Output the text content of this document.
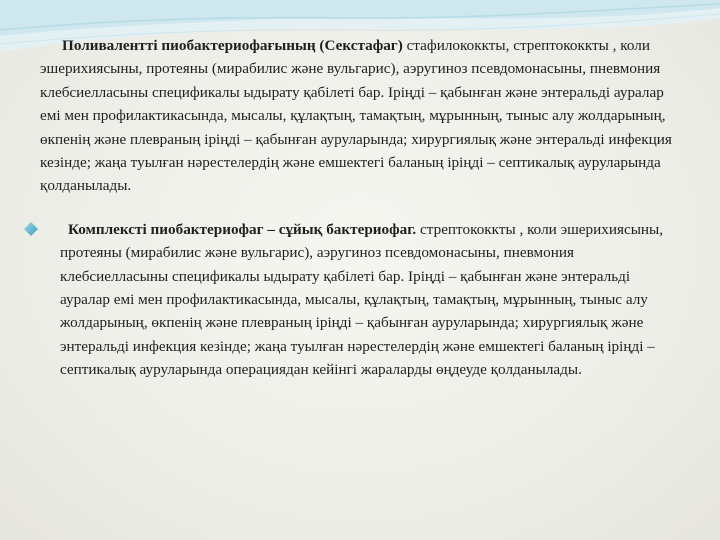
Поливалентті пиобактериофағының (Секстафаг) стафилококкты, стрептококкты , коли эшерихиясыны, протеяны (мирабилис және вульгарис), аэругиноз псевдомонасыны, пневмония клебсиелласыны спецификалы ыдырату қабілеті бар. Іріңді – қабынған және энтеральді ауралар емі мен профилактикасында, мысалы, құлақтың, тамақтың, мұрынның, тыныс алу жолдарының, өкпенің және плевраның іріңді – қабынған ауруларында; хирургиялық және энтеральді инфекция кезінде; жаңа туылған нәрестелердің және емшектегі баланың іріңді – септикалық ауруларында қолданылады.

Комплексті пиобактериофаг – сұйық бактериофаг. стрептококкты , коли эшерихиясыны, протеяны (мирабилис және вульгарис), аэругиноз псевдомонасыны, пневмония клебсиелласыны спецификалы ыдырату қабілеті бар. Іріңді – қабынған және энтеральді ауралар емі мен профилактикасында, мысалы, құлақтың, тамақтың, мұрынның, тыныс алу жолдарының, өкпенің және плевраның іріңді – қабынған ауруларында; хирургиялық және энтеральді инфекция кезінде; жаңа туылған нәрестелердің және емшектегі баланың іріңді – септикалық ауруларында операциядан кейінгі жараларды өңдеуде қолданылады.
